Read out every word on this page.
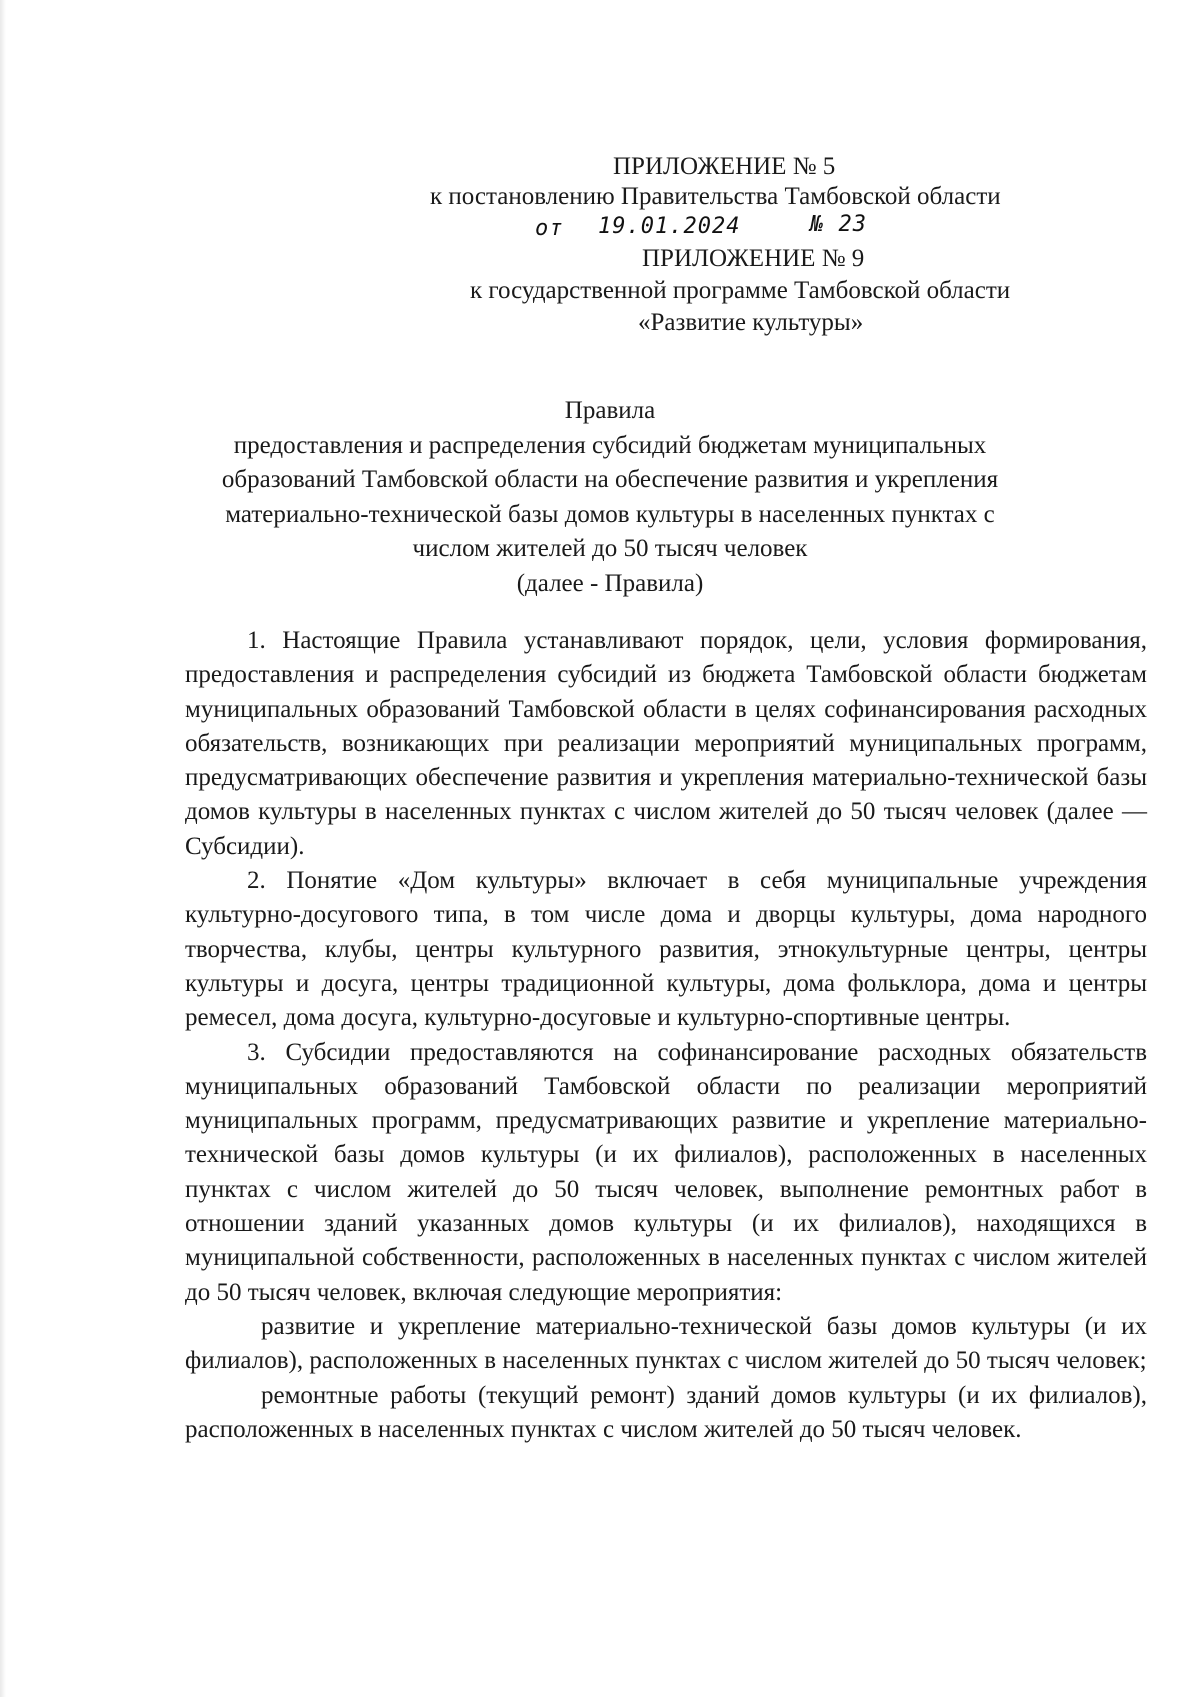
ПРИЛОЖЕНИЕ № 5
к постановлению Правительства Тамбовской области
от 19.01.2024	№ 23
ПРИЛОЖЕНИЕ № 9
к государственной программе Тамбовской области
«Развитие культуры»
Правила
предоставления и распределения субсидий бюджетам муниципальных
образований Тамбовской области на обеспечение развития и укрепления
материально-технической базы домов культуры в населенных пунктах с
числом жителей до 50 тысяч человек
(далее - Правила)

1. Настоящие Правила устанавливают порядок, цели, условия формирования, предоставления и распределения субсидий из бюджета Тамбовской области бюджетам муниципальных образований Тамбовской области в целях софинансирования расходных обязательств, возникающих при реализации мероприятий муниципальных программ, предусматривающих обеспечение развития и укрепления материально-технической базы домов культуры в населенных пунктах с числом жителей до 50 тысяч человек (далее — Субсидии).

2. Понятие «Дом культуры» включает в себя муниципальные учреждения культурно-досугового типа, в том числе дома и дворцы культуры, дома народного творчества, клубы, центры культурного развития, этнокультурные центры, центры культуры и досуга, центры традиционной культуры, дома фольклора, дома и центры ремесел, дома досуга, культурно-досуговые и культурно-спортивные центры.

3. Субсидии предоставляются на софинансирование расходных обязательств муниципальных образований Тамбовской области по реализации мероприятий муниципальных программ, предусматривающих развитие и укрепление материально-технической базы домов культуры (и их филиалов), расположенных в населенных пунктах с числом жителей до 50 тысяч человек, выполнение ремонтных работ в отношении зданий указанных домов культуры (и их филиалов), находящихся в муниципальной собственности, расположенных в населенных пунктах с числом жителей до 50 тысяч человек, включая следующие мероприятия:

развитие и укрепление материально-технической базы домов культуры (и их филиалов), расположенных в населенных пунктах с числом жителей до 50 тысяч человек;

ремонтные работы (текущий ремонт) зданий домов культуры (и их филиалов), расположенных в населенных пунктах с числом жителей до 50 тысяч человек.
